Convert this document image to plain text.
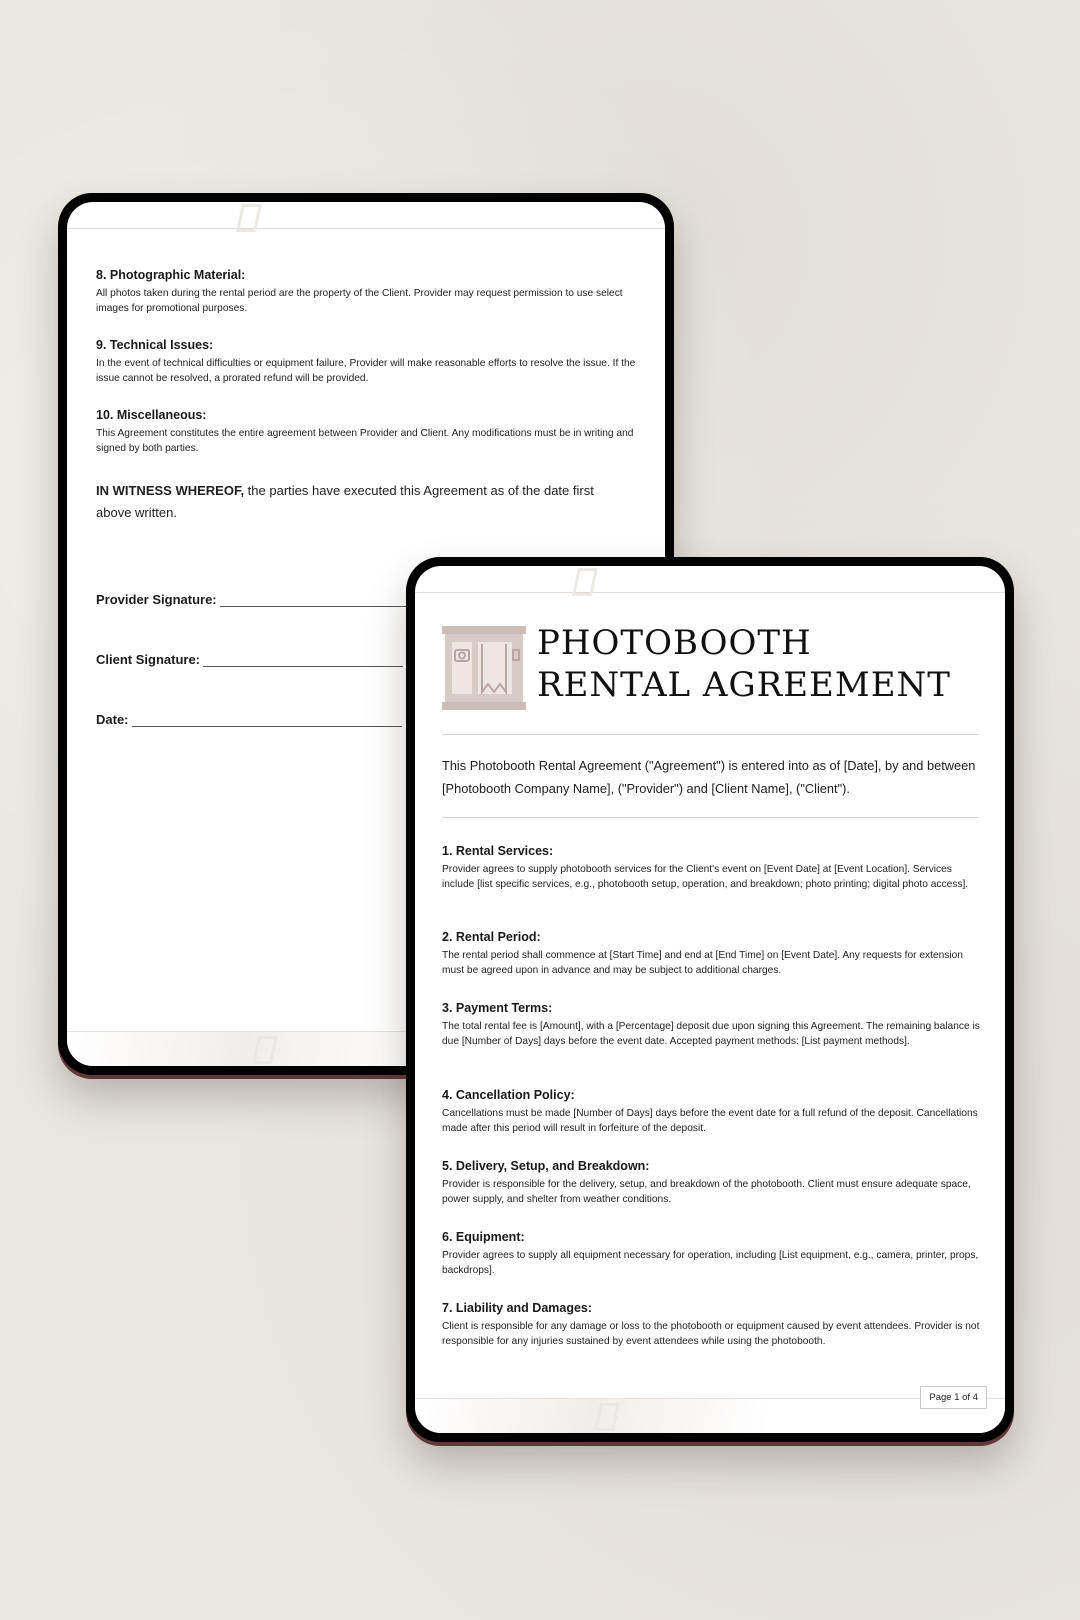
8. Photographic Material:

All photos taken during the rental period are the property of the Client. Provider may request permission to use select images for promotional purposes.

9. Technical Issues:

In the event of technical difficulties or equipment failure, Provider will make reasonable efforts to resolve the issue. If the issue cannot be resolved, a prorated refund will be provided.

10. Miscellaneous:

This Agreement constitutes the entire agreement between Provider and Client. Any modifications must be in writing and signed by both parties.

IN WITNESS WHEREOF, the parties have executed this Agreement as of the date first above written.
Provider Signature:
Client Signature:
Date:
PHOTOBOOTH RENTAL AGREEMENT
This Photobooth Rental Agreement ("Agreement") is entered into as of [Date], by and between [Photobooth Company Name], ("Provider") and [Client Name], ("Client").
1. Rental Services:

Provider agrees to supply photobooth services for the Client's event on [Event Date] at [Event Location]. Services include [list specific services, e.g., photobooth setup, operation, and breakdown; photo printing; digital photo access].

2. Rental Period:

The rental period shall commence at [Start Time] and end at [End Time] on [Event Date]. Any requests for extension must be agreed upon in advance and may be subject to additional charges.

3. Payment Terms:

The total rental fee is [Amount], with a [Percentage] deposit due upon signing this Agreement. The remaining balance is due [Number of Days] days before the event date. Accepted payment methods: [List payment methods].

4. Cancellation Policy:

Cancellations must be made [Number of Days] days before the event date for a full refund of the deposit. Cancellations made after this period will result in forfeiture of the deposit.

5. Delivery, Setup, and Breakdown:

Provider is responsible for the delivery, setup, and breakdown of the photobooth. Client must ensure adequate space, power supply, and shelter from weather conditions.

6. Equipment:

Provider agrees to supply all equipment necessary for operation, including [List equipment, e.g., camera, printer, props, backdrops].

7. Liability and Damages:

Client is responsible for any damage or loss to the photobooth or equipment caused by event attendees. Provider is not responsible for any injuries sustained by event attendees while using the photobooth.

Page 1 of 4
